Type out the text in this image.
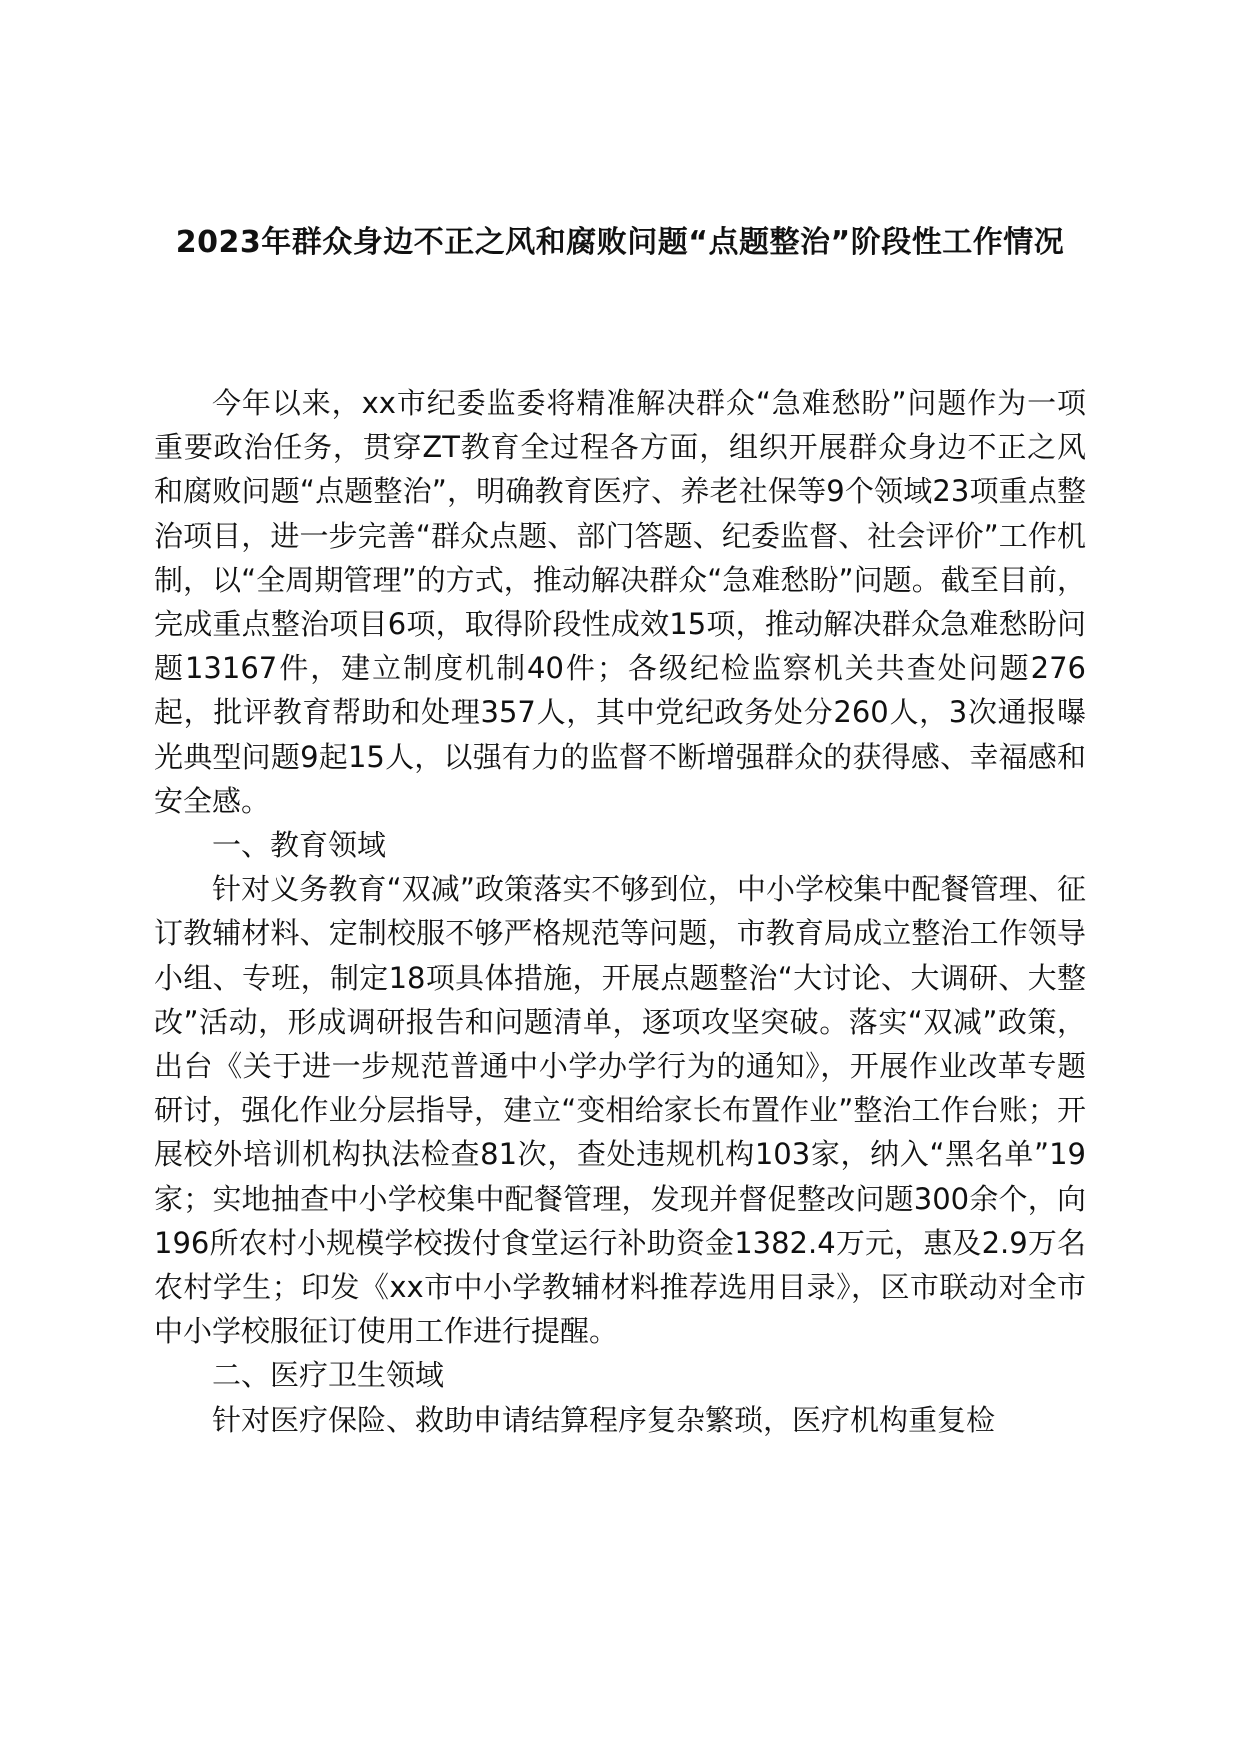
2023年群众身边不正之风和腐败问题“点题整治”阶段性工作情况

今年以来，xx市纪委监委将精准解决群众“急难愁盼”问题作为一项重要政治任务，贯穿ZT教育全过程各方面，组织开展群众身边不正之风和腐败问题“点题整治”，明确教育医疗、养老社保等9个领域23项重点整治项目，进一步完善“群众点题、部门答题、纪委监督、社会评价”工作机制，以“全周期管理”的方式，推动解决群众“急难愁盼”问题。截至目前，完成重点整治项目6项，取得阶段性成效15项，推动解决群众急难愁盼问题13167件，建立制度机制40件；各级纪检监察机关共查处问题276起，批评教育帮助和处理357人，其中党纪政务处分260人，3次通报曝光典型问题9起15人，以强有力的监督不断增强群众的获得感、幸福感和安全感。

一、教育领域

针对义务教育“双减”政策落实不够到位，中小学校集中配餐管理、征订教辅材料、定制校服不够严格规范等问题，市教育局成立整治工作领导小组、专班，制定18项具体措施，开展点题整治“大讨论、大调研、大整改”活动，形成调研报告和问题清单，逐项攻坚突破。落实“双减”政策，出台《关于进一步规范普通中小学办学行为的通知》，开展作业改革专题研讨，强化作业分层指导，建立“变相给家长布置作业”整治工作台账；开展校外培训机构执法检查81次，查处违规机构103家，纳入“黑名单”19家；实地抽查中小学校集中配餐管理，发现并督促整改问题300余个，向196所农村小规模学校拨付食堂运行补助资金1382.4万元，惠及2.9万名农村学生；印发《xx市中小学教辅材料推荐选用目录》，区市联动对全市中小学校服征订使用工作进行提醒。

二、医疗卫生领域

针对医疗保险、救助申请结算程序复杂繁琐，医疗机构重复检
